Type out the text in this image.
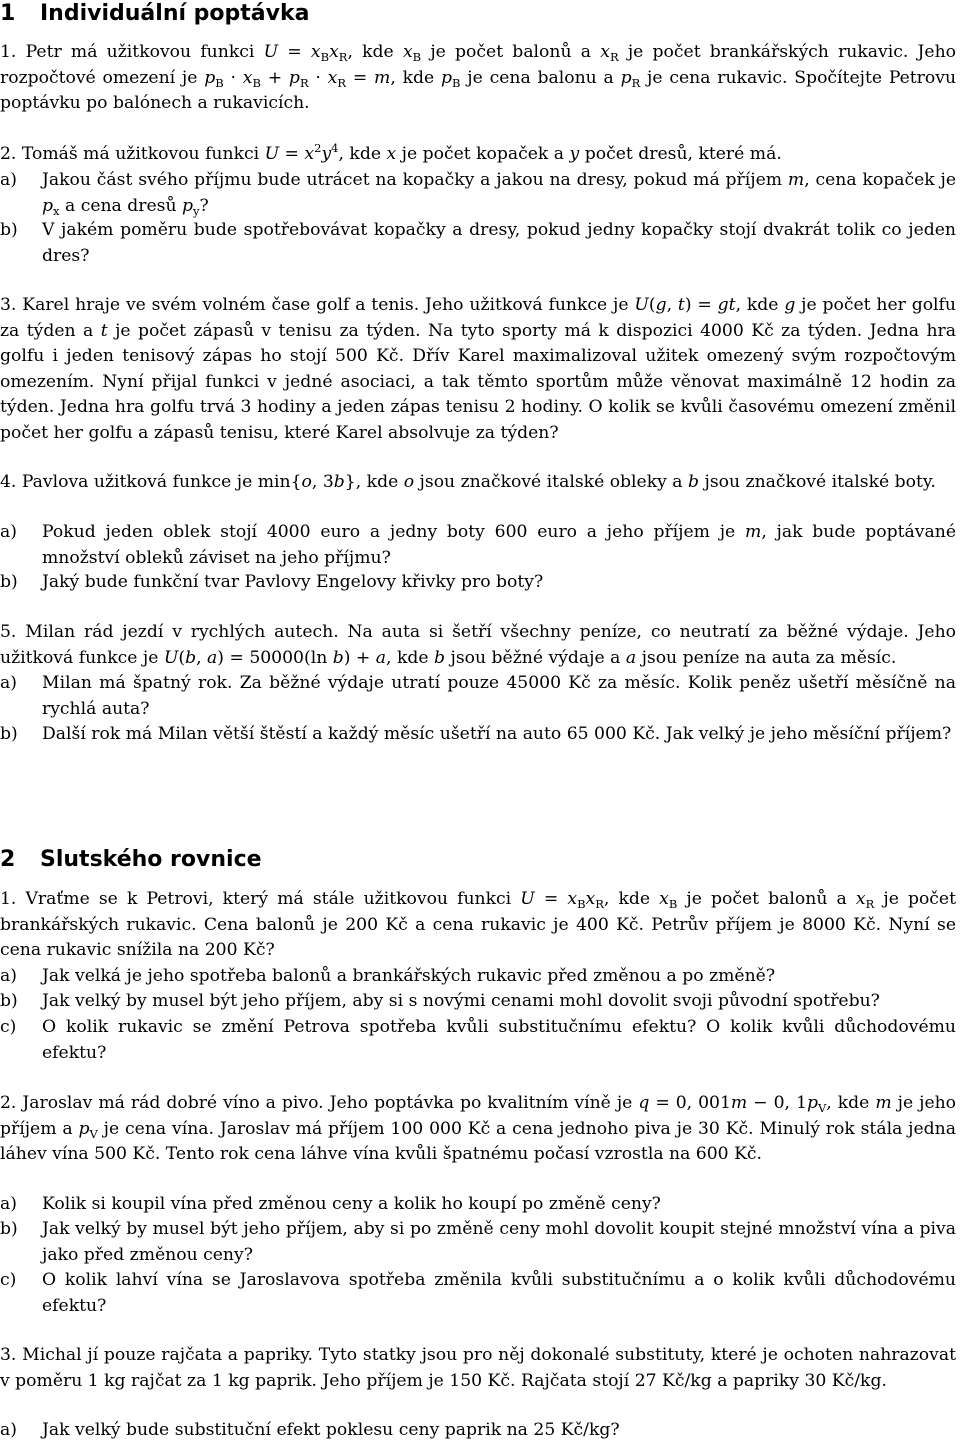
1 Individuální poptávka
1. Petr má užitkovou funkci $U = x_Bx_R$, kde $x_B$ je počet balonů a $x_R$ je počet brankářských rukavic. Jeho rozpočtové omezení je $p_B \cdot x_B + p_R \cdot x_R = m$, kde $p_B$ je cena balonu a $p_R$ je cena rukavic. Spočítejte Petrovu poptávku po balónech a rukavicích.
2. Tomáš má užitkovou funkci $U = x^2y^4$, kde x je počet kopaček a y počet dresů, které má.
a) Jakou část svého příjmu bude utrácet na kopačky a jakou na dresy, pokud má příjem m, cena kopaček je $p_x$ a cena dresů $p_y$?
b) V jakém poměru bude spotřebovávat kopačky a dresy, pokud jedny kopačky stojí dvakrát tolik co jeden dres?
3. Karel hraje ve svém volném čase golf a tenis. Jeho užitková funkce je U(g, t) = gt, kde g je počet her golfu za týden a t je počet zápasů v tenisu za týden. Na tyto sporty má k dispozici 4000 Kč za týden. Jedna hra golfu i jeden tenisový zápas ho stojí 500 Kč. Dřív Karel maximalizoval užitek omezený svým rozpočtovým omezením. Nyní přijal funkci v jedné asociaci, a tak těmto sportům může věnovat maximálně 12 hodin za týden. Jedna hra golfu trvá 3 hodiny a jeden zápas tenisu 2 hodiny. O kolik se kvůli časovému omezení změnil počet her golfu a zápasů tenisu, které Karel absolvuje za týden?
4. Pavlova užitková funkce je min{o, 3b}, kde o jsou značkové italské obleky a b jsou značkové italské boty.
a) Pokud jeden oblek stojí 4000 euro a jedny boty 600 euro a jeho příjem je m, jak bude poptávané množství obleků záviset na jeho příjmu?
b) Jaký bude funkční tvar Pavlovy Engelovy křivky pro boty?
5. Milan rád jezdí v rychlých autech. Na auta si šetří všechny peníze, co neutratí za běžné výdaje. Jeho užitková funkce je U(b, a) = 50000(ln b) + a, kde b jsou běžné výdaje a a jsou peníze na auta za měsíc.
a) Milan má špatný rok. Za běžné výdaje utratí pouze 45000 Kč za měsíc. Kolik peněz ušetří měsíčně na rychlá auta?
b) Další rok má Milan větší štěstí a každý měsíc ušetří na auto 65 000 Kč. Jak velký je jeho měsíční příjem?
2 Slutského rovnice
1. Vraťme se k Petrovi, který má stále užitkovou funkci $U = x_Bx_R$, kde $x_B$ je počet balonů a $x_R$ je počet brankářských rukavic. Cena balonů je 200 Kč a cena rukavic je 400 Kč. Petrův příjem je 8000 Kč. Nyní se cena rukavic snížila na 200 Kč?
a) Jak velká je jeho spotřeba balonů a brankářských rukavic před změnou a po změně?
b) Jak velký by musel být jeho příjem, aby si s novými cenami mohl dovolit svoji původní spotřebu?
c) O kolik rukavic se změní Petrova spotřeba kvůli substitučnímu efektu? O kolik kvůli důchodovému efektu?
2. Jaroslav má rád dobré víno a pivo. Jeho poptávka po kvalitním víně je q = 0, 001m − 0, $1p_V$, kde m je jeho příjem a $p_V$ je cena vína. Jaroslav má příjem 100 000 Kč a cena jednoho piva je 30 Kč. Minulý rok stála jedna láhev vína 500 Kč. Tento rok cena láhve vína kvůli špatnému počasí vzrostla na 600 Kč.
a) Kolik si koupil vína před změnou ceny a kolik ho koupí po změně ceny?
b) Jak velký by musel být jeho příjem, aby si po změně ceny mohl dovolit koupit stejné množství vína a piva jako před změnou ceny?
c) O kolik lahví vína se Jaroslavova spotřeba změnila kvůli substitučnímu a o kolik kvůli důchodovému efektu?
3. Michal jí pouze rajčata a papriky. Tyto statky jsou pro něj dokonalé substituty, které je ochoten nahrazovat v poměru 1 kg rajčat za 1 kg paprik. Jeho příjem je 150 Kč. Rajčata stojí 27 Kč/kg a papriky 30 Kč/kg.
a) Jak velký bude substituční efekt poklesu ceny paprik na 25 Kč/kg?
